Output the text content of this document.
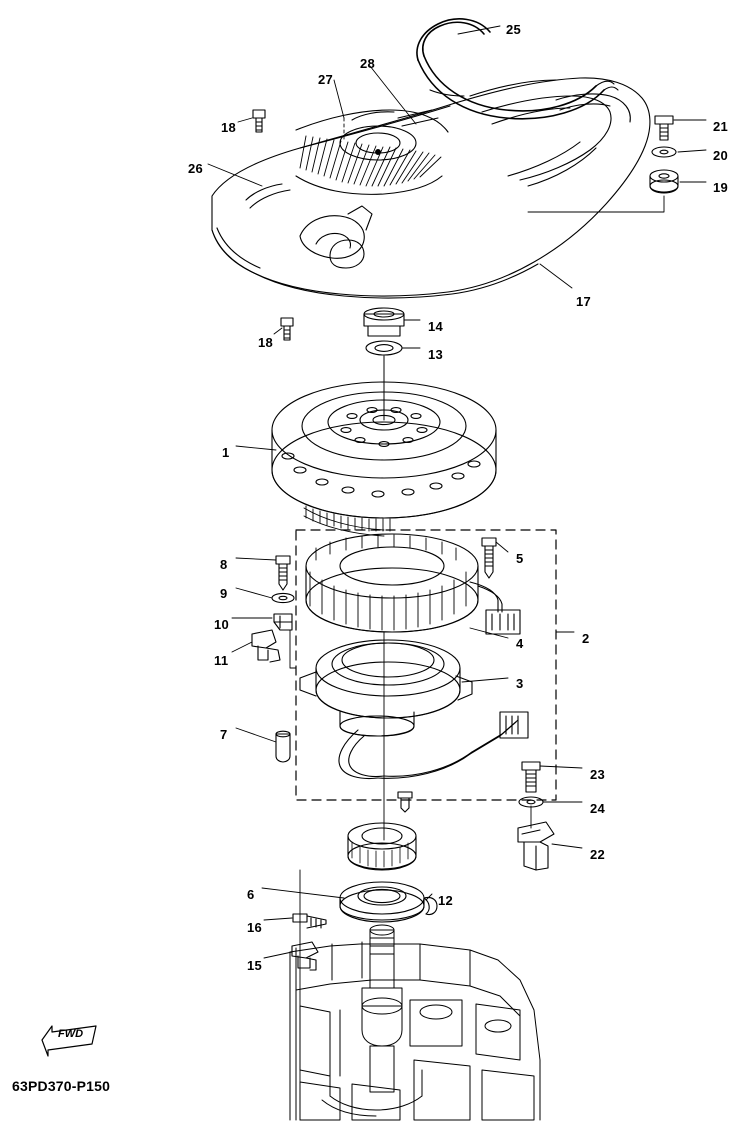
FWD
25
28
27
21
18
20
26
19
17
14
18
13
1
8	5
9
10
4	2
11
3
7
23
24
22
6	12
16
15
63PD370-P150
